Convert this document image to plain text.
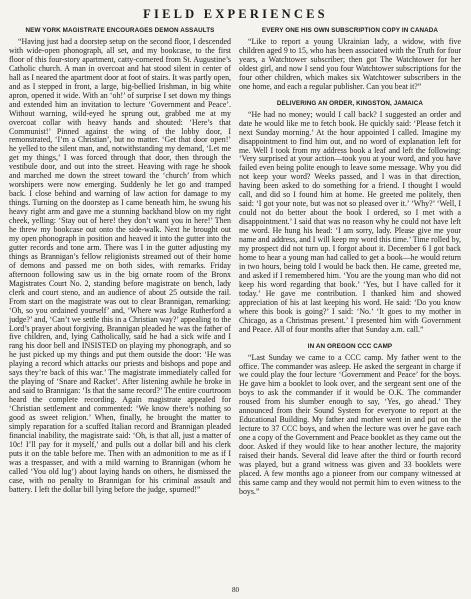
FIELD EXPERIENCES
NEW YORK MAGISTRATE ENCOURAGES DEMON ASSAULTS

“Having just had a doorstep setup on the second floor, I descended with wide-open phonograph, all set, and my bookcase, to the first floor of this four-story apartment, catty-cornered from St. Augustine’s Catholic church. A man in overcoat and hat stood silent in center of hall as I neared the apartment door at foot of stairs. It was partly open, and as I stepped in front, a large, big-bellied Irishman, in big white apron, opened it wide. With an ‘oh!’ of surprise I set down my things and extended him an invitation to lecture ‘Government and Peace’. Without warning, wild-eyed he sprung out, grabbed me at my overcoat collar with heavy hands and shouted: ‘Here’s that Communist!’ Pinned against the wing of the lobby door, I remonstrated, ‘I’m a Christian’, but no matter. ‘Get that door open!’ he yelled to the silent man, and, notwithstanding my demand, ‘Let me get my things,’ I was forced through that door, then through the vestibule door, and out into the street. Heaving with rage he shook and marched me down the street toward the ‘church’ from which worshipers were now emerging. Suddenly he let go and tramped back. I close behind and warning of law action for damage to my things. Turning on the doorstep as I came beneath him, he swung his heavy right arm and gave me a stunning backhand blow on my right cheek, yelling: ‘Stay out of here! they don’t want you in here!’ Then he threw my bookcase out onto the side-walk. Next he brought out my open phonograph in position and heaved it into the gutter into the gutter records and tone arm. There was I in the gutter adjusting my things as Brannigan’s fellow religionists streamed out of their home of demons and passed me on both sides, with remarks. Friday afternoon following saw us in the big ornate room of the Bronx Magistrates Court No. 2, standing before magistrate on bench, lady clerk and court steno, and an audience of about 25 outside the rail. From start on the magistrate was out to clear Brannigan, remarking: ‘Oh, so you ordained yourself’ and, ‘Where was Judge Rutherford a judge?’ and, ‘Can’t we settle this in a Christian way?’ appealing to the Lord’s prayer about forgiving. Brannigan pleaded he was the father of five children, and, lying Catholically, said he had a sick wife and I rang his door bell and INSISTED on playing my phonograph, and so he just picked up my things and put them outside the door: ‘He was playing a record which attacks our priests and bishops and pope and says they’re back of this war.’ The magistrate immediately called for the playing of ‘Snare and Racket’. After listening awhile he broke in and said to Brannigan: ‘Is that the same record?’ The entire courtroom heard the complete recording. Again magistrate appealed for ‘Christian settlement and commented: ‘We know there’s nothing so good as sweet religion.’ When, finally, he brought the matter to simply reparation for a scuffed Italian record and Brannigan pleaded financial inability, the magistrate said: ‘Oh, is that all, just a matter of 10c! I’ll pay for it myself,’ and pulls out a dollar bill and his clerk puts it on the table before me. Then with an admonition to me as if I was a trespasser, and with a mild warning to Brannigan (whom he called ‘You old lug’) about laying hands on others, he dismissed the case, with no penalty to Brannigan for his criminal assault and battery. I left the dollar bill lying before the judge, spurned!”

EVERY ONE HIS OWN SUBSCRIPTION COPY IN CANADA

“Like to report a young Ukrainian lady, a widow, with five children aged 9 to 15, who has been associated with the Truth for four years, a Watchtower subscriber; then got The Watchtower for her oldest girl, and now I send you four Watchtower subscriptions for the four other children, which makes six Watchtower subscribers in the one home, and each a regular publisher. Can you beat it?”

DELIVERING AN ORDER, KINGSTON, JAMAICA

“He had no money; would I call back? I suggested an order and date he would like me to fetch book. He quickly said: ‘Please fetch it next Sunday morning.’ At the hour appointed I called. Imagine my disappointment to find him out, and no word of explanation left for me. Well I took from my address book a leaf and left the following: ‘Very surprised at your action—took you at your word, and you have failed even being polite enough to leave some message. Why you did not keep your word? Weeks passed, and I was in that direction, having been asked to do something for a friend. I thought I would call, and did so I found him at home. He greeted me politely, then said: ‘I got your note, but was not so pleased over it.’ ‘Why?’ ‘Well, I could not do better about the book I ordered, so I met with a disappointment.’ I said that was no reason why he could not have left me word. He hung his head: ‘I am sorry, lady. Please give me your name and address, and I will keep my word this time.’ Time rolled by, my prospect did not turn up. I forgot about it. December 6 I got back home to hear a young man had called to get a book—he would return in two hours, being told I would be back then. He came, greeted me, and asked if I remembered him. ‘You are the young man who did not keep his word regarding that book.’ ‘Yes, but I have called for it today.’ He gave me contribution. I thanked him and showed appreciation of his at last keeping his word. He said: ‘Do you know where this book is going?’ I said: ‘No.’ ‘It goes to my mother in Chicago, as a Christmas present.’ I presented him with Government and Peace. All of four months after that Sunday a.m. call.”

IN AN OREGON CCC CAMP

“Last Sunday we came to a CCC camp. My father went to the office. The commander was asleep. He asked the sergeant in charge if we could play the four lecture ‘Government and Peace’ for the boys. He gave him a booklet to look over, and the sergeant sent one of the boys to ask the commander if it would be O.K. The commander roused from his slumber enough to say, ‘Yes, go ahead.’ They announced from their Sound System for everyone to report at the Educational Building. My father and mother went in and put on the lecture to 37 CCC boys, and when the lecture was over he gave each one a copy of the Government and Peace booklet as they came out the door. Asked if they would like to hear another lecture, the majority raised their hands. Several did leave after the third or fourth record was played, but a grand witness was given and 33 booklets were placed. A few months ago a pioneer from our company witnessed at this same camp and they would not permit him to even witness to the boys.”

80
